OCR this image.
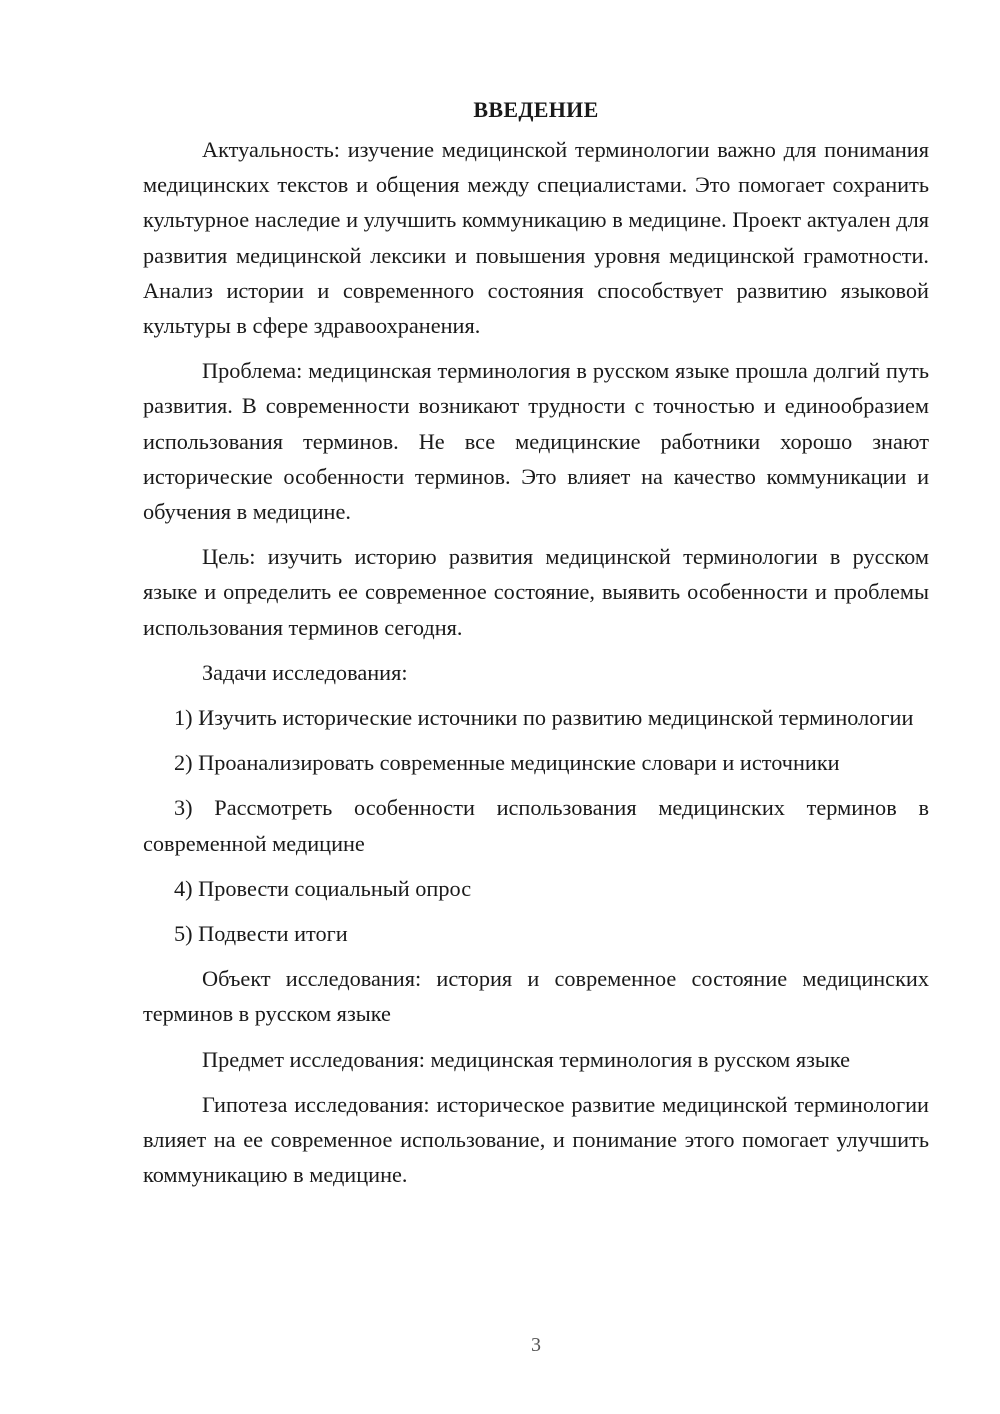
ВВЕДЕНИЕ

Актуальность: изучение медицинской терминологии важно для понимания медицинских текстов и общения между специалистами. Это помогает сохранить культурное наследие и улучшить коммуникацию в медицине. Проект актуален для развития медицинской лексики и повышения уровня медицинской грамотности. Анализ истории и современного состояния способствует развитию языковой культуры в сфере здравоохранения.

Проблема: медицинская терминология в русском языке прошла долгий путь развития. В современности возникают трудности с точностью и единообразием использования терминов. Не все медицинские работники хорошо знают исторические особенности терминов. Это влияет на качество коммуникации и обучения в медицине.

Цель: изучить историю развития медицинской терминологии в русском языке и определить ее современное состояние, выявить особенности и проблемы использования терминов сегодня.

Задачи исследования:

1) Изучить исторические источники по развитию медицинской терминологии

2) Проанализировать современные медицинские словари и источники

3) Рассмотреть особенности использования медицинских терминов в современной медицине

4) Провести социальный опрос

5) Подвести итоги

Объект исследования: история и современное состояние медицинских терминов в русском языке

Предмет исследования: медицинская терминология в русском языке

Гипотеза исследования: историческое развитие медицинской терминологии влияет на ее современное использование, и понимание этого помогает улучшить коммуникацию в медицине.

3
